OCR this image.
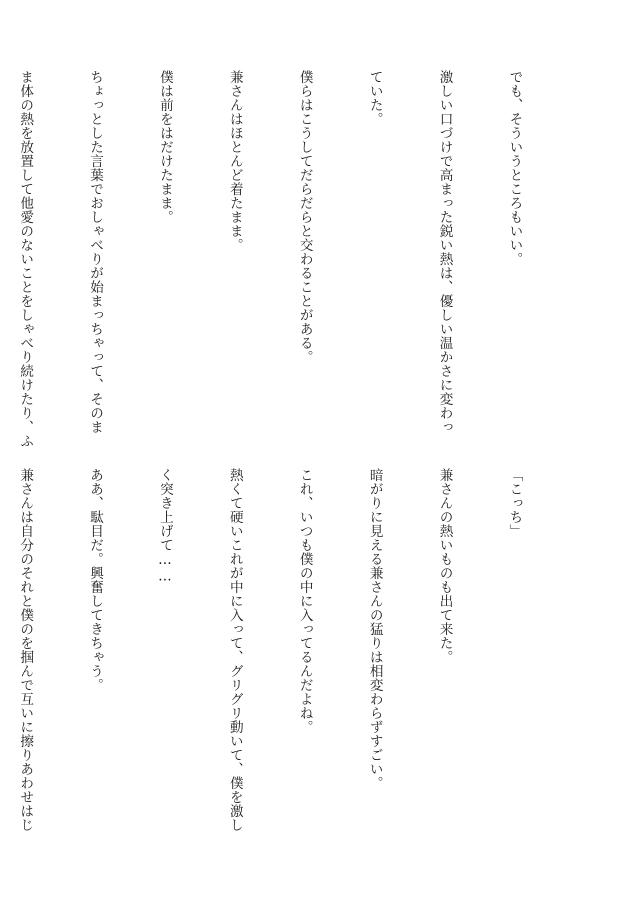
でも、そういうところもいい。

激しい口づけで高まった鋭い熱は、優しい温かさに変わっ

ていた。

僕らはこうしてだらだらと交わることがある。

兼さんはほとんど着たまま。

僕は前をはだけたまま。

ちょっとした言葉でおしゃべりが始まっちゃって、そのま

ま体の熱を放置して他愛のないことをしゃべり続けたり、ふ

「こっち」

兼さんの熱いものも出て来た。

暗がりに見える兼さんの猛りは相変わらずすごい。

これ、いつも僕の中に入ってるんだよね。

熱くて硬いこれが中に入って、グリグリ動いて、僕を激し

く突き上げて……

ああ、駄目だ。興奮してきちゃう。

兼さんは自分のそれと僕のを掴んで互いに擦りあわせはじ
